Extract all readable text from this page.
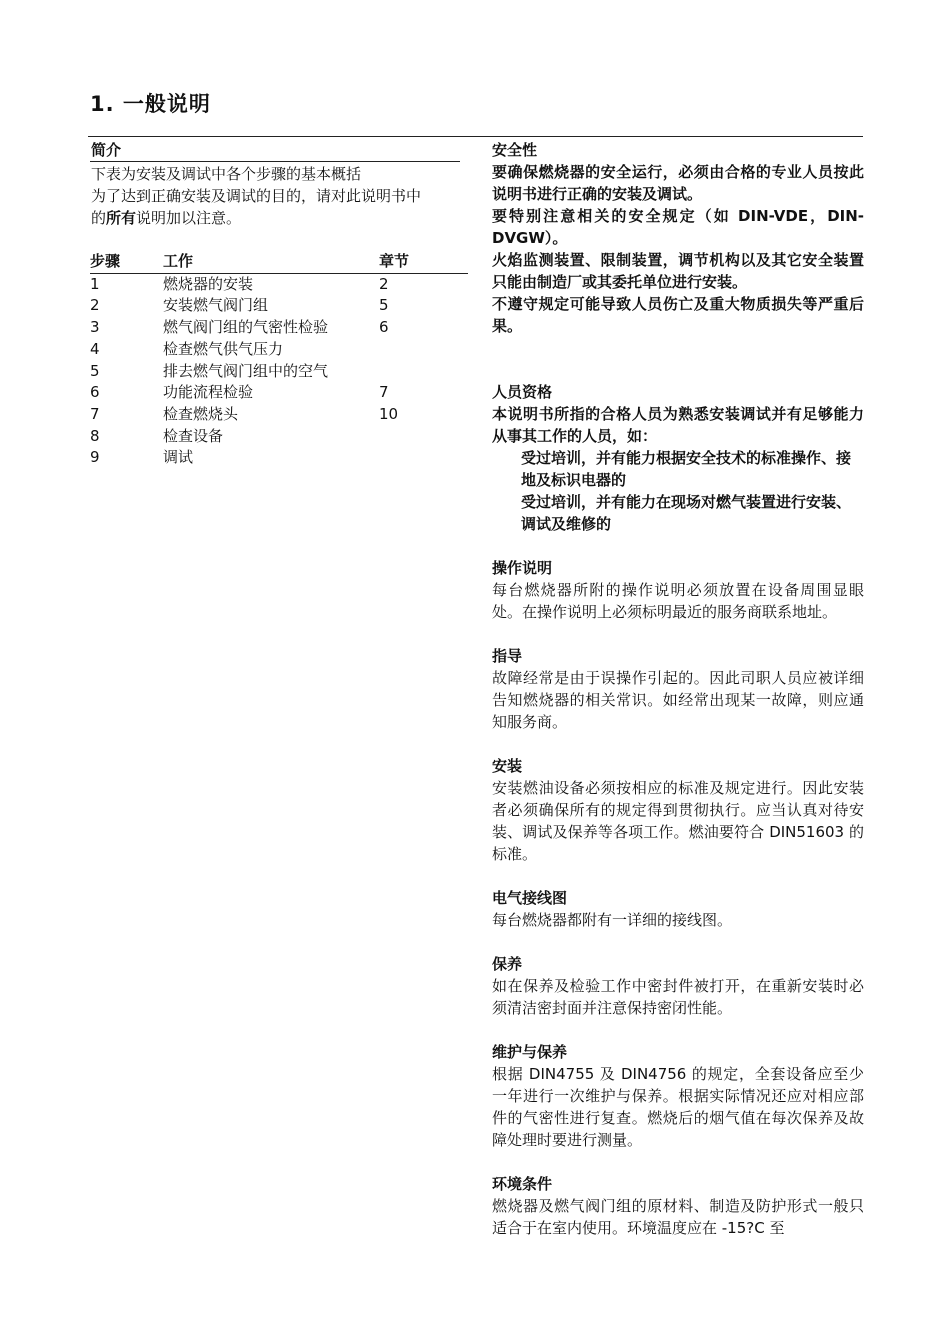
1. 一般说明
简介
下表为安装及调试中各个步骤的基本概括
为了达到正确安装及调试的目的，请对此说明书中
的所有说明加以注意。
步骤	工作	章节
1	燃烧器的安装	2
2	安装燃气阀门组	5
3	燃气阀门组的气密性检验	6
4	检查燃气供气压力
5	排去燃气阀门组中的空气
6	功能流程检验	7
7	检查燃烧头	10
8	检查设备
9	调试

安全性

要确保燃烧器的安全运行，必须由合格的专业人员按此说明书进行正确的安装及调试。

要特别注意相关的安全规定（如 DIN-VDE，DIN-DVGW）。

火焰监测装置、限制装置，调节机构以及其它安全装置只能由制造厂或其委托单位进行安装。

不遵守规定可能导致人员伤亡及重大物质损失等严重后果。

人员资格

本说明书所指的合格人员为熟悉安装调试并有足够能力从事其工作的人员，如：

受过培训，并有能力根据安全技术的标准操作、接地及标识电器的

受过培训，并有能力在现场对燃气装置进行安装、调试及维修的

操作说明

每台燃烧器所附的操作说明必须放置在设备周围显眼处。在操作说明上必须标明最近的服务商联系地址。

指导

故障经常是由于误操作引起的。因此司职人员应被详细告知燃烧器的相关常识。如经常出现某一故障，则应通知服务商。

安装

安装燃油设备必须按相应的标准及规定进行。因此安装者必须确保所有的规定得到贯彻执行。应当认真对待安装、调试及保养等各项工作。燃油要符合 DIN51603 的标准。

电气接线图

每台燃烧器都附有一详细的接线图。

保养

如在保养及检验工作中密封件被打开，在重新安装时必须清洁密封面并注意保持密闭性能。

维护与保养

根据 DIN4755 及 DIN4756 的规定，全套设备应至少一年进行一次维护与保养。根据实际情况还应对相应部件的气密性进行复查。燃烧后的烟气值在每次保养及故障处理时要进行测量。

环境条件

燃烧器及燃气阀门组的原材料、制造及防护形式一般只适合于在室内使用。环境温度应在 -15?C 至
